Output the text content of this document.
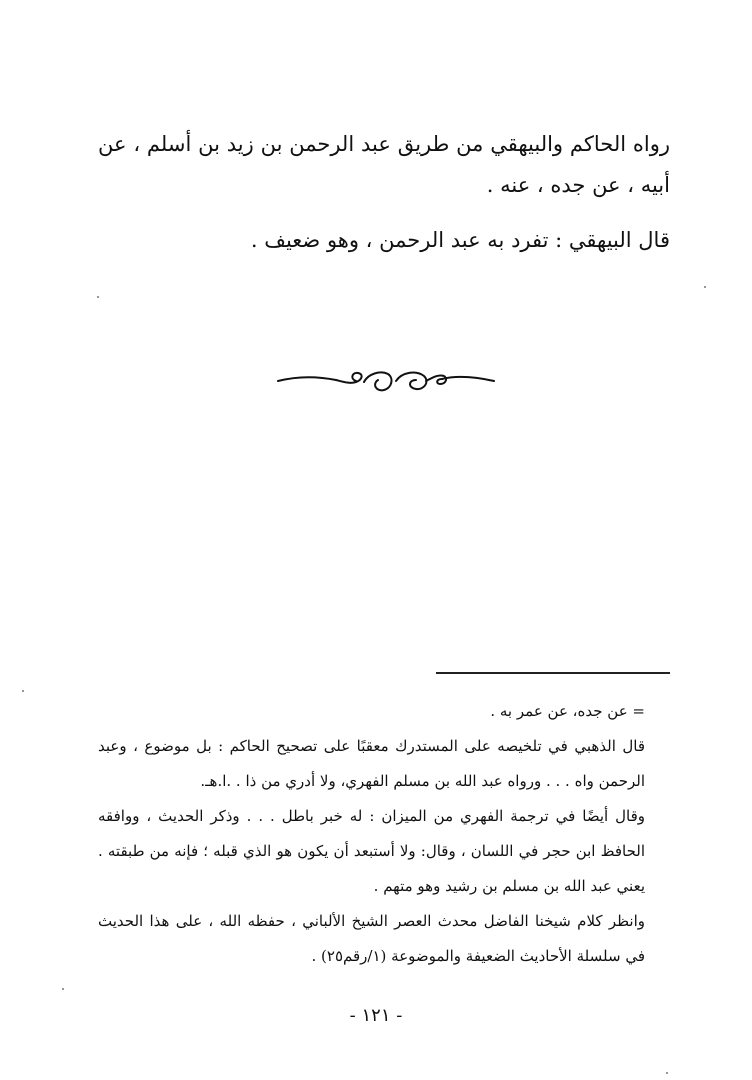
رواه الحاكم والبيهقي من طريق عبد الرحمن بن زيد بن أسلم ، عن أبيه ، عن جده ، عنه .

قال البيهقي : تفرد به عبد الرحمن ، وهو ضعيف .

= عن جده، عن عمر به .

قال الذهبي في تلخيصه على المستدرك معقبًا على تصحيح الحاكم : بل موضوع ، وعبد الرحمن واه . . . ورواه عبد الله بن مسلم الفهري، ولا أدري من ذا . .ا.هـ.

وقال أيضًا في ترجمة الفهري من الميزان : له خبر باطل . . . وذكر الحديث ، ووافقه الحافظ ابن حجر في اللسان ، وقال: ولا أستبعد أن يكون هو الذي قبله ؛ فإنه من طبقته . يعني عبد الله بن مسلم بن رشيد وهو متهم .

وانظر كلام شيخنا الفاضل محدث العصر الشيخ الألباني ، حفظه الله ، على هذا الحديث في سلسلة الأحاديث الضعيفة والموضوعة (١/رقم٢٥) .

- ١٢١ -
